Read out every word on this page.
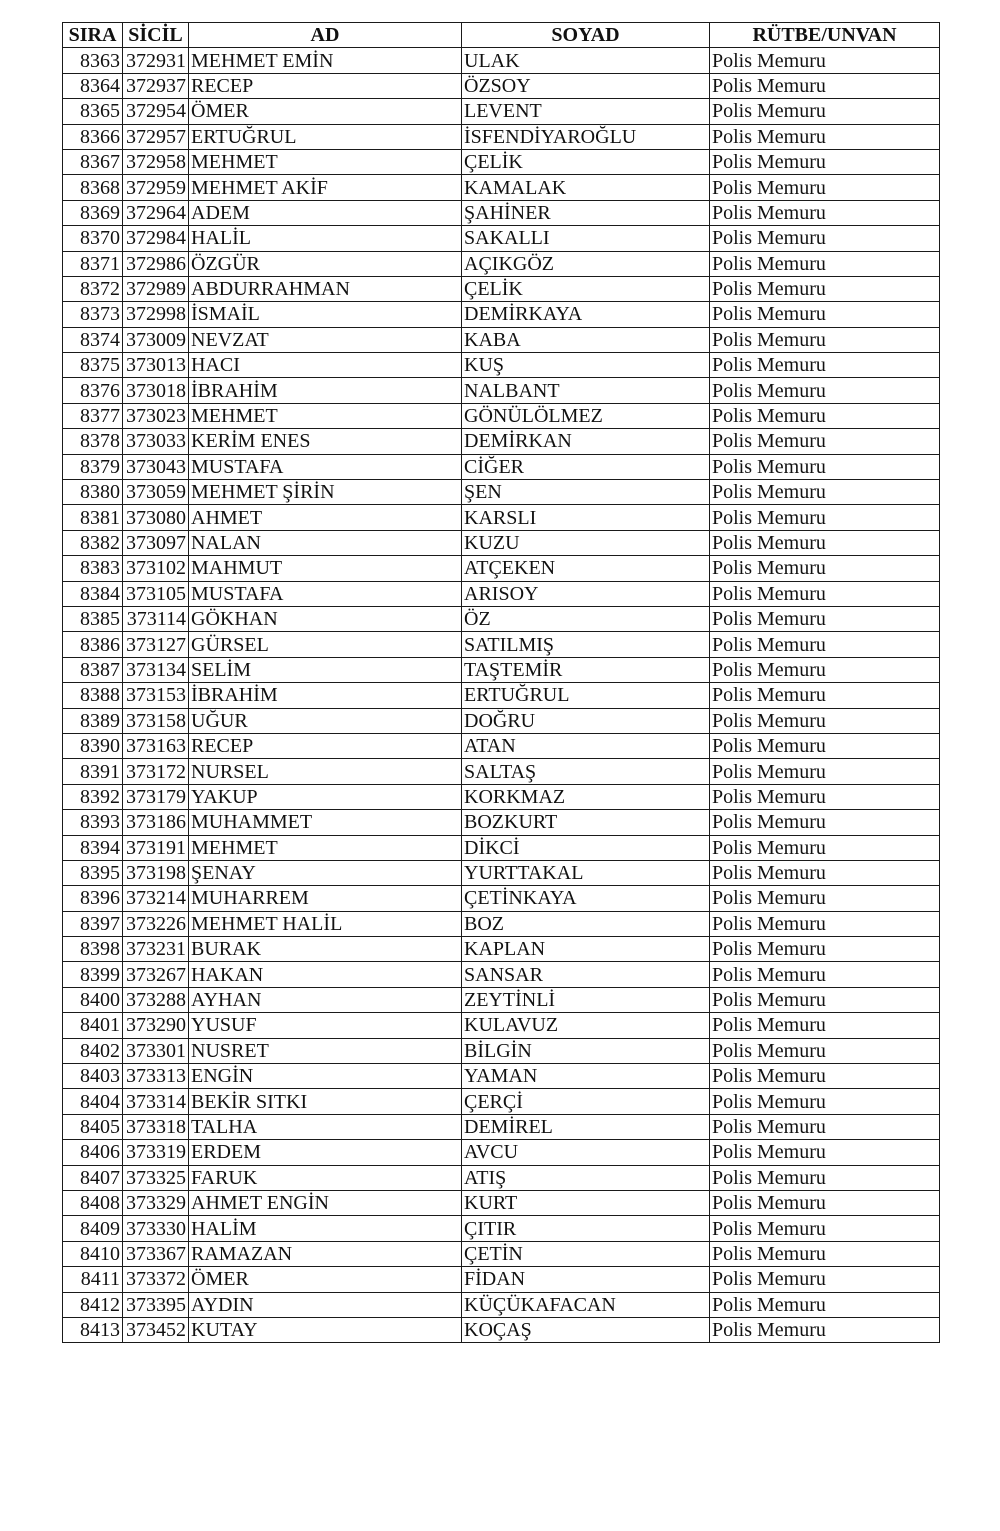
SIRA	SİCİL	AD	SOYAD	RÜTBE/UNVAN
8363	372931	MEHMET EMİN	ULAK	Polis Memuru
8364	372937	RECEP	ÖZSOY	Polis Memuru
8365	372954	ÖMER	LEVENT	Polis Memuru
8366	372957	ERTUĞRUL	İSFENDİYAROĞLU	Polis Memuru
8367	372958	MEHMET	ÇELİK	Polis Memuru
8368	372959	MEHMET AKİF	KAMALAK	Polis Memuru
8369	372964	ADEM	ŞAHİNER	Polis Memuru
8370	372984	HALİL	SAKALLI	Polis Memuru
8371	372986	ÖZGÜR	AÇIKGÖZ	Polis Memuru
8372	372989	ABDURRAHMAN	ÇELİK	Polis Memuru
8373	372998	İSMAİL	DEMİRKAYA	Polis Memuru
8374	373009	NEVZAT	KABA	Polis Memuru
8375	373013	HACI	KUŞ	Polis Memuru
8376	373018	İBRAHİM	NALBANT	Polis Memuru
8377	373023	MEHMET	GÖNÜLÖLMEZ	Polis Memuru
8378	373033	KERİM ENES	DEMİRKAN	Polis Memuru
8379	373043	MUSTAFA	CİĞER	Polis Memuru
8380	373059	MEHMET ŞİRİN	ŞEN	Polis Memuru
8381	373080	AHMET	KARSLI	Polis Memuru
8382	373097	NALAN	KUZU	Polis Memuru
8383	373102	MAHMUT	ATÇEKEN	Polis Memuru
8384	373105	MUSTAFA	ARISOY	Polis Memuru
8385	373114	GÖKHAN	ÖZ	Polis Memuru
8386	373127	GÜRSEL	SATILMIŞ	Polis Memuru
8387	373134	SELİM	TAŞTEMİR	Polis Memuru
8388	373153	İBRAHİM	ERTUĞRUL	Polis Memuru
8389	373158	UĞUR	DOĞRU	Polis Memuru
8390	373163	RECEP	ATAN	Polis Memuru
8391	373172	NURSEL	SALTAŞ	Polis Memuru
8392	373179	YAKUP	KORKMAZ	Polis Memuru
8393	373186	MUHAMMET	BOZKURT	Polis Memuru
8394	373191	MEHMET	DİKCİ	Polis Memuru
8395	373198	ŞENAY	YURTTAKAL	Polis Memuru
8396	373214	MUHARREM	ÇETİNKAYA	Polis Memuru
8397	373226	MEHMET HALİL	BOZ	Polis Memuru
8398	373231	BURAK	KAPLAN	Polis Memuru
8399	373267	HAKAN	SANSAR	Polis Memuru
8400	373288	AYHAN	ZEYTİNLİ	Polis Memuru
8401	373290	YUSUF	KULAVUZ	Polis Memuru
8402	373301	NUSRET	BİLGİN	Polis Memuru
8403	373313	ENGİN	YAMAN	Polis Memuru
8404	373314	BEKİR SITKI	ÇERÇİ	Polis Memuru
8405	373318	TALHA	DEMİREL	Polis Memuru
8406	373319	ERDEM	AVCU	Polis Memuru
8407	373325	FARUK	ATIŞ	Polis Memuru
8408	373329	AHMET ENGİN	KURT	Polis Memuru
8409	373330	HALİM	ÇITIR	Polis Memuru
8410	373367	RAMAZAN	ÇETİN	Polis Memuru
8411	373372	ÖMER	FİDAN	Polis Memuru
8412	373395	AYDIN	KÜÇÜKAFACAN	Polis Memuru
8413	373452	KUTAY	KOÇAŞ	Polis Memuru
